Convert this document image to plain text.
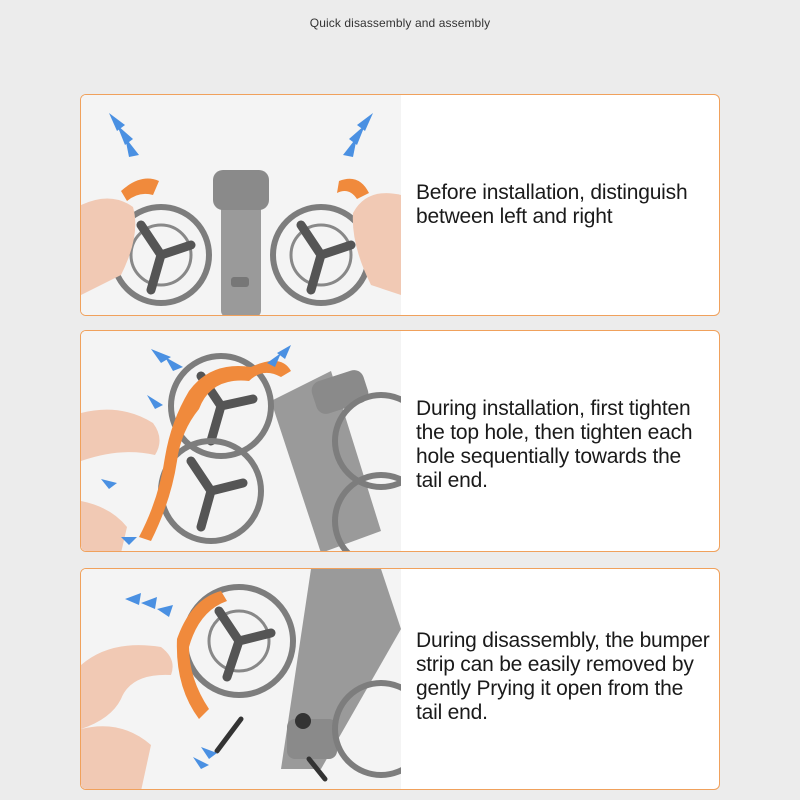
Quick disassembly and assembly
Before installation, distinguish between left and right
During installation, first tighten the top hole, then tighten each hole sequentially towards the tail end.
During disassembly, the bumper strip can be easily removed by gently Prying it open from the tail end.
